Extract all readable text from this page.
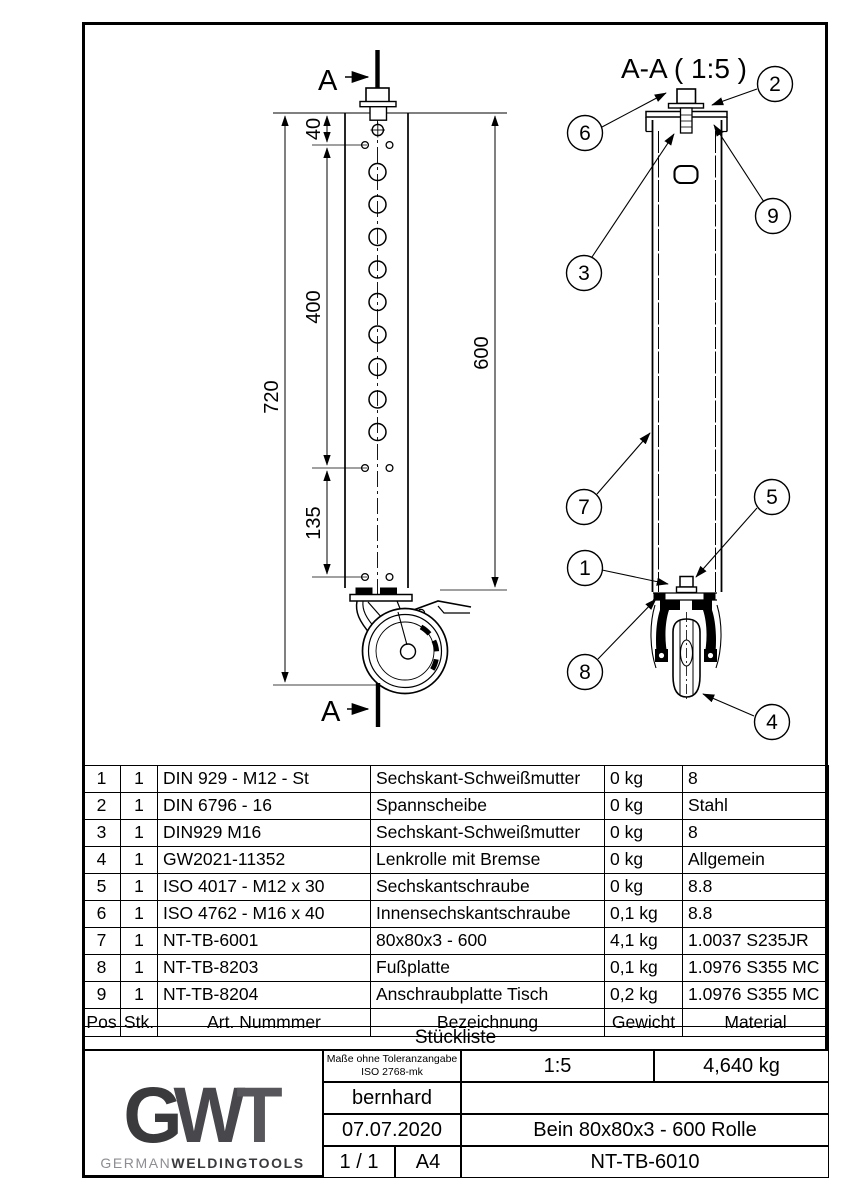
A
A
40
400
135
720
600
A-A ( 1:5 )
6
2
9
3
7	5
1
8
4
1	1	DIN 929 - M12 - St	Sechskant-Schweißmutter	0 kg	8
2	1	DIN 6796 - 16	Spannscheibe	0 kg	Stahl
3	1	DIN929 M16	Sechskant-Schweißmutter	0 kg	8
4	1	GW2021-11352	Lenkrolle mit Bremse	0 kg	Allgemein
5	1	ISO 4017 - M12 x 30	Sechskantschraube	0 kg	8.8
6	1	ISO 4762 - M16 x 40	Innensechskantschraube	0,1 kg	8.8
7	1	NT-TB-6001	80x80x3 - 600	4,1 kg	1.0037 S235JR
8	1	NT-TB-8203	Fußplatte	0,1 kg	1.0976 S355 MC
9	1	NT-TB-8204	Anschraubplatte Tisch	0,2 kg	1.0976 S355 MC
Pos	Stk.	Art. Nummmer	Bezeichnung	Gewicht	Material
Stückliste
GWT
GERMANWELDINGTOOLS
Maße ohne Toleranzangabe
ISO 2768-mk	1:5	4,640 kg
bernhard
07.07.2020	Bein 80x80x3 - 600 Rolle
1 / 1	A4	NT-TB-6010
